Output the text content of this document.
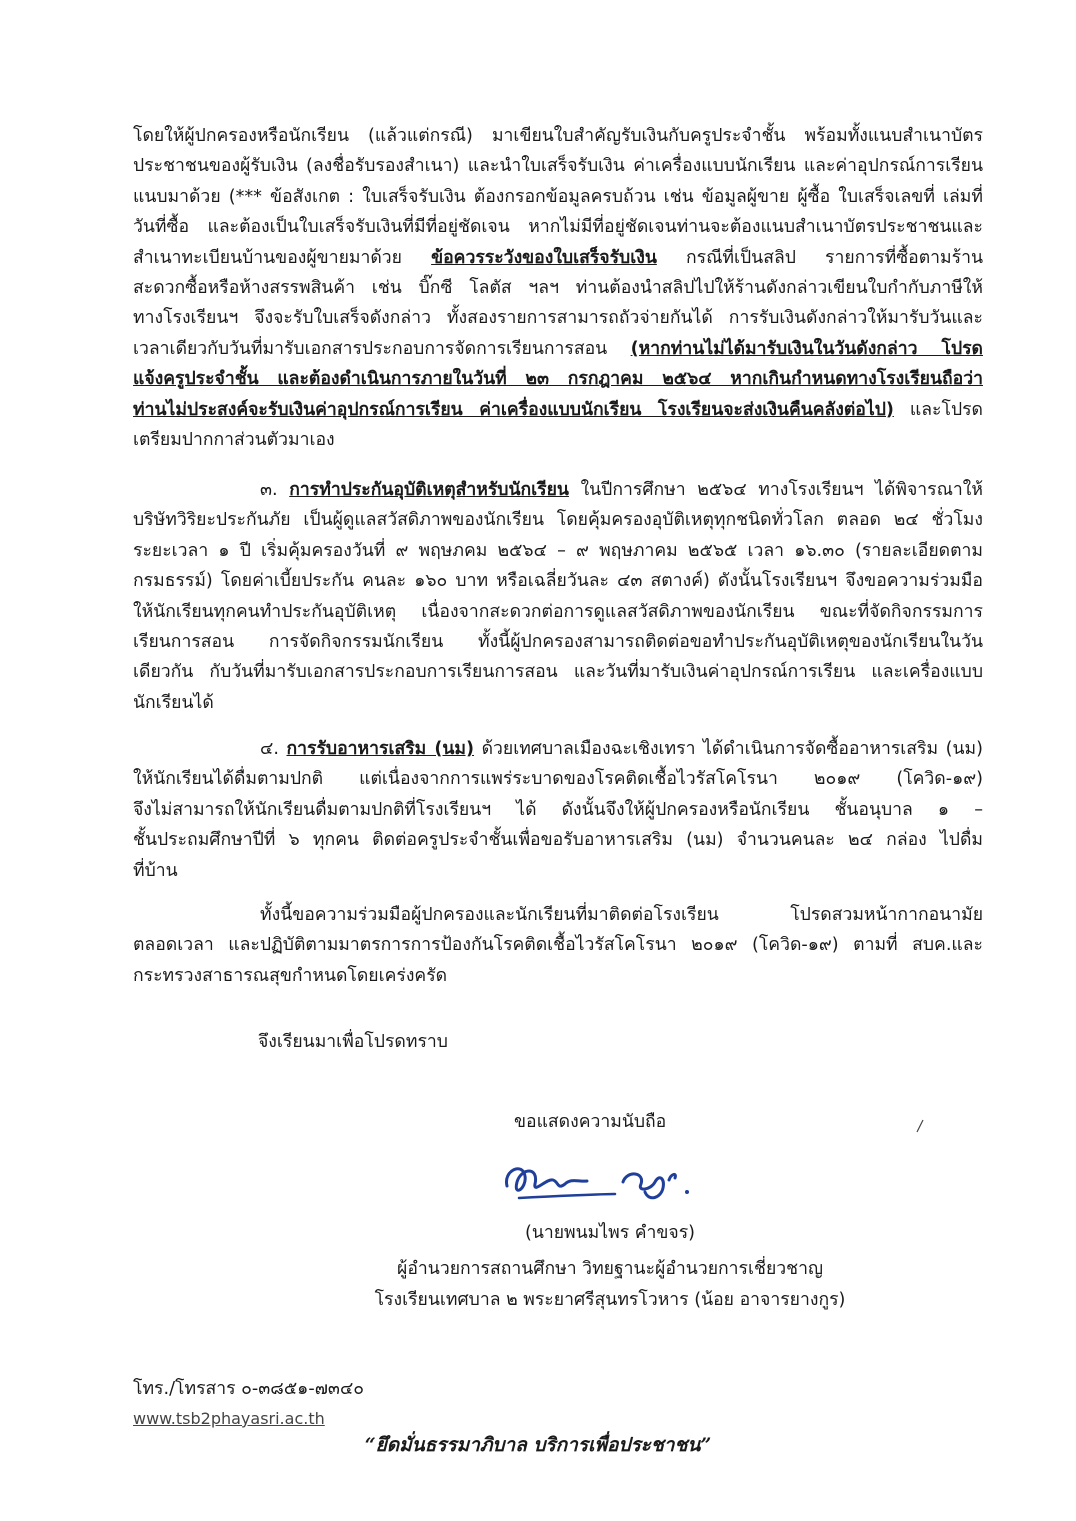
โดยให้ผู้ปกครองหรือนักเรียน (แล้วแต่กรณี) มาเขียนใบสำคัญรับเงินกับครูประจำชั้น พร้อมทั้งแนบสำเนาบัตร
ประชาชนของผู้รับเงิน (ลงชื่อรับรองสำเนา) และนำใบเสร็จรับเงิน ค่าเครื่องแบบนักเรียน และค่าอุปกรณ์การเรียน
แนบมาด้วย (*** ข้อสังเกต : ใบเสร็จรับเงิน ต้องกรอกข้อมูลครบถ้วน เช่น ข้อมูลผู้ขาย ผู้ซื้อ ใบเสร็จเลขที่ เล่มที่
วันที่ซื้อ และต้องเป็นใบเสร็จรับเงินที่มีที่อยู่ชัดเจน หากไม่มีที่อยู่ชัดเจนท่านจะต้องแนบสำเนาบัตรประชาชนและ
สำเนาทะเบียนบ้านของผู้ขายมาด้วย ข้อควรระวังของใบเสร็จรับเงิน กรณีที่เป็นสลิป รายการที่ซื้อตามร้าน
สะดวกซื้อหรือห้างสรรพสินค้า เช่น บิ๊กซี โลตัส ฯลฯ ท่านต้องนำสลิปไปให้ร้านดังกล่าวเขียนใบกำกับภาษีให้
ทางโรงเรียนฯ จึงจะรับใบเสร็จดังกล่าว ทั้งสองรายการสามารถถัวจ่ายกันได้ การรับเงินดังกล่าวให้มารับวันและ
เวลาเดียวกับวันที่มารับเอกสารประกอบการจัดการเรียนการสอน (หากท่านไม่ได้มารับเงินในวันดังกล่าว โปรด
แจ้งครูประจำชั้น และต้องดำเนินการภายในวันที่ ๒๓ กรกฎาคม ๒๕๖๔ หากเกินกำหนดทางโรงเรียนถือว่า
ท่านไม่ประสงค์จะรับเงินค่าอุปกรณ์การเรียน ค่าเครื่องแบบนักเรียน โรงเรียนจะส่งเงินคืนคลังต่อไป) และโปรด
เตรียมปากกาส่วนตัวมาเอง
๓. การทำประกันอุบัติเหตุสำหรับนักเรียน ในปีการศึกษา ๒๕๖๔ ทางโรงเรียนฯ ได้พิจารณาให้
บริษัทวิริยะประกันภัย เป็นผู้ดูแลสวัสดิภาพของนักเรียน โดยคุ้มครองอุบัติเหตุทุกชนิดทั่วโลก ตลอด ๒๔ ชั่วโมง
ระยะเวลา ๑ ปี เริ่มคุ้มครองวันที่ ๙ พฤษภคม ๒๕๖๔ – ๙ พฤษภาคม ๒๕๖๕ เวลา ๑๖.๓๐ (รายละเอียดตาม
กรมธรรม์) โดยค่าเบี้ยประกัน คนละ ๑๖๐ บาท หรือเฉลี่ยวันละ ๔๓ สตางค์) ดังนั้นโรงเรียนฯ จึงขอความร่วมมือ
ให้นักเรียนทุกคนทำประกันอุบัติเหตุ เนื่องจากสะดวกต่อการดูแลสวัสดิภาพของนักเรียน ขณะที่จัดกิจกรรมการ
เรียนการสอน การจัดกิจกรรมนักเรียน ทั้งนี้ผู้ปกครองสามารถติดต่อขอทำประกันอุบัติเหตุของนักเรียนในวัน
เดียวกัน กับวันที่มารับเอกสารประกอบการเรียนการสอน และวันที่มารับเงินค่าอุปกรณ์การเรียน และเครื่องแบบ
นักเรียนได้
๔. การรับอาหารเสริม (นม) ด้วยเทศบาลเมืองฉะเชิงเทรา ได้ดำเนินการจัดซื้ออาหารเสริม (นม)
ให้นักเรียนได้ดื่มตามปกติ แต่เนื่องจากการแพร่ระบาดของโรคติดเชื้อไวรัสโคโรนา ๒๐๑๙ (โควิด-๑๙)
จึงไม่สามารถให้นักเรียนดื่มตามปกติที่โรงเรียนฯ ได้ ดังนั้นจึงให้ผู้ปกครองหรือนักเรียน ชั้นอนุบาล ๑ –
ชั้นประถมศึกษาปีที่ ๖ ทุกคน ติดต่อครูประจำชั้นเพื่อขอรับอาหารเสริม (นม) จำนวนคนละ ๒๔ กล่อง ไปดื่ม
ที่บ้าน
ทั้งนี้ขอความร่วมมือผู้ปกครองและนักเรียนที่มาติดต่อโรงเรียน โปรดสวมหน้ากากอนามัย
ตลอดเวลา และปฏิบัติตามมาตรการการป้องกันโรคติดเชื้อไวรัสโคโรนา ๒๐๑๙ (โควิด-๑๙) ตามที่ สบค.และ
กระทรวงสาธารณสุขกำหนดโดยเคร่งครัด
จึงเรียนมาเพื่อโปรดทราบ
ขอแสดงความนับถือ
(นายพนมไพร คำขจร)
ผู้อำนวยการสถานศึกษา วิทยฐานะผู้อำนวยการเชี่ยวชาญ
โรงเรียนเทศบาล ๒ พระยาศรีสุนทรโวหาร (น้อย อาจารยางกูร)
โทร./โทรสาร ๐-๓๘๕๑-๗๓๔๐
www.tsb2phayasri.ac.th
“ยึดมั่นธรรมาภิบาล บริการเพื่อประชาชน”
